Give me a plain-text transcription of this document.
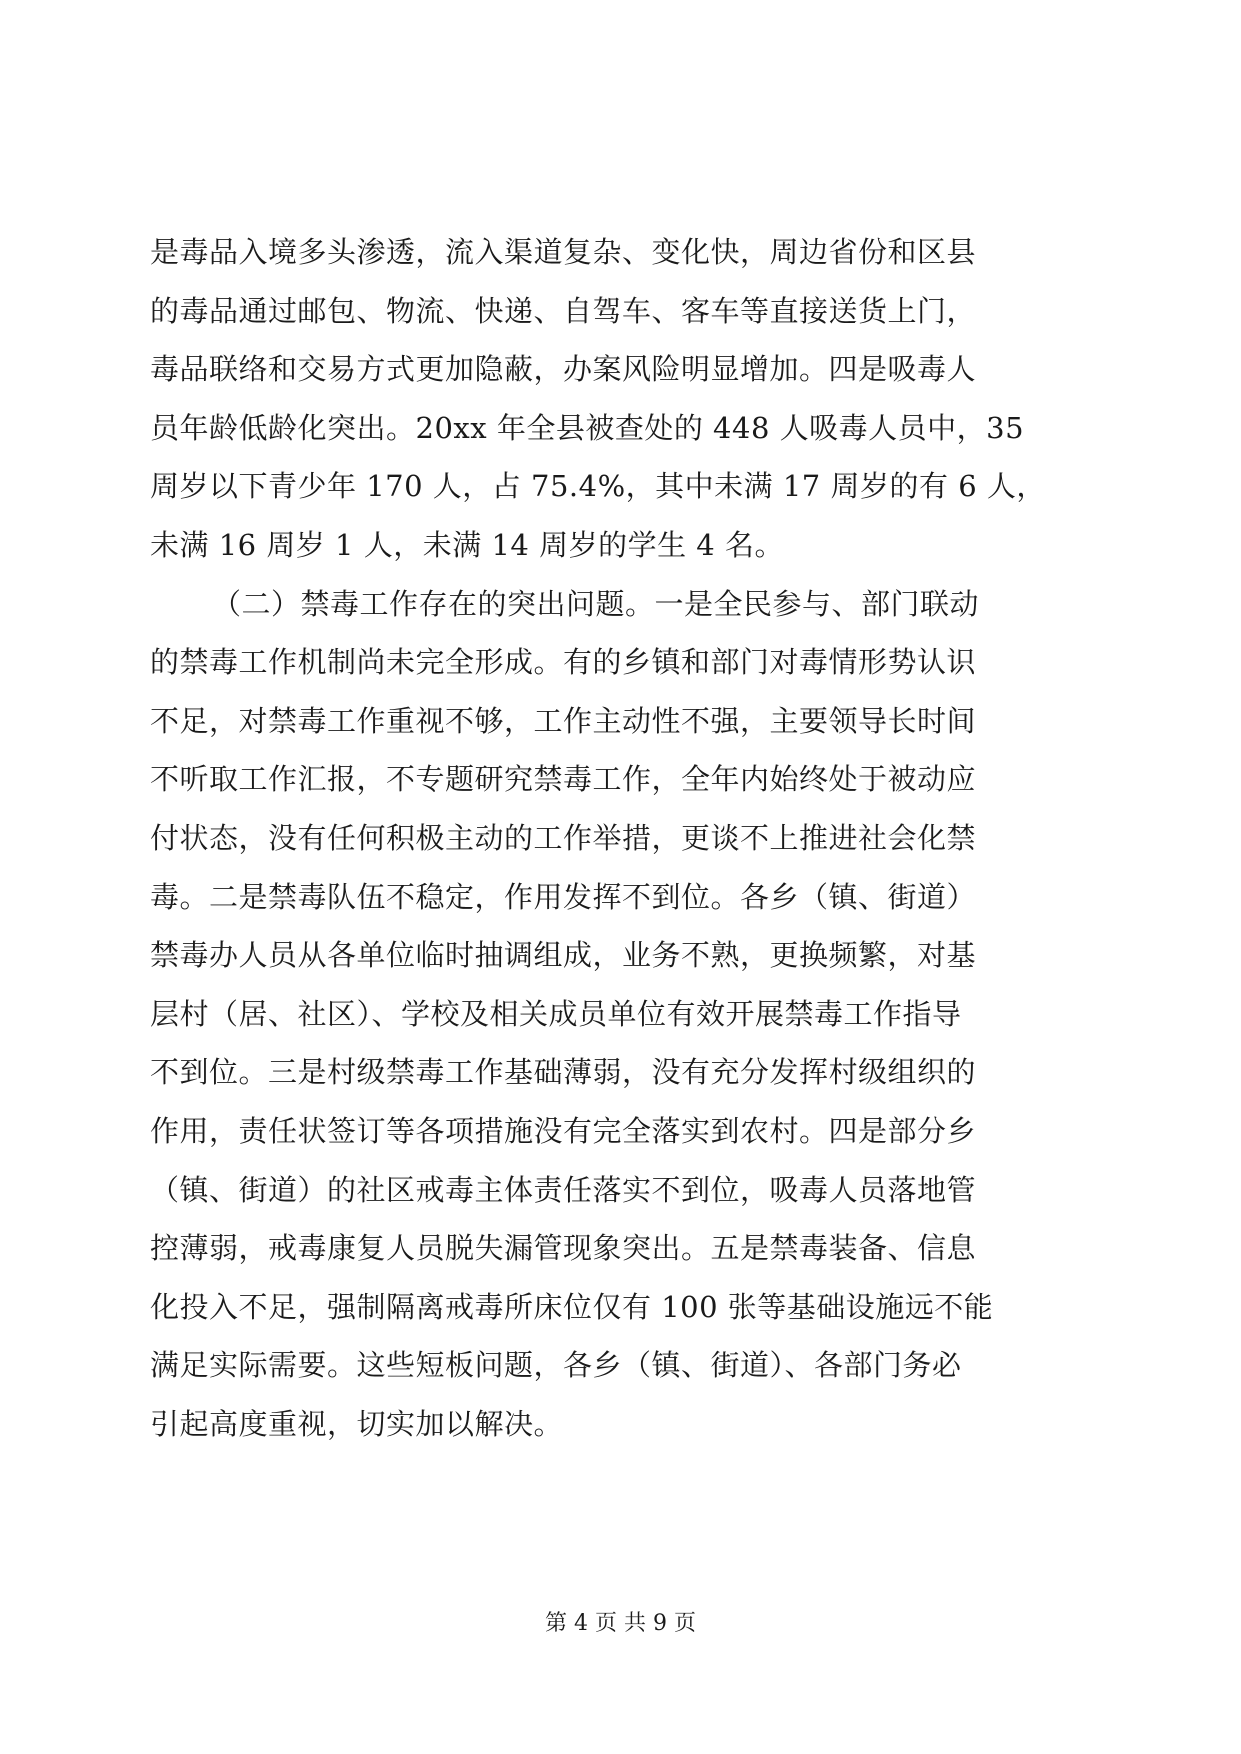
是毒品入境多头渗透，流入渠道复杂、变化快，周边省份和区县
的毒品通过邮包、物流、快递、自驾车、客车等直接送货上门，
毒品联络和交易方式更加隐蔽，办案风险明显增加。四是吸毒人
员年龄低龄化突出。20xx 年全县被查处的 448 人吸毒人员中，35
周岁以下青少年 170 人，占 75.4%，其中未满 17 周岁的有 6 人，
未满 16 周岁 1 人，未满 14 周岁的学生 4 名。
（二）禁毒工作存在的突出问题。一是全民参与、部门联动
的禁毒工作机制尚未完全形成。有的乡镇和部门对毒情形势认识
不足，对禁毒工作重视不够，工作主动性不强，主要领导长时间
不听取工作汇报，不专题研究禁毒工作，全年内始终处于被动应
付状态，没有任何积极主动的工作举措，更谈不上推进社会化禁
毒。二是禁毒队伍不稳定，作用发挥不到位。各乡（镇、街道）
禁毒办人员从各单位临时抽调组成，业务不熟，更换频繁，对基
层村（居、社区）、学校及相关成员单位有效开展禁毒工作指导
不到位。三是村级禁毒工作基础薄弱，没有充分发挥村级组织的
作用，责任状签订等各项措施没有完全落实到农村。四是部分乡
（镇、街道）的社区戒毒主体责任落实不到位，吸毒人员落地管
控薄弱，戒毒康复人员脱失漏管现象突出。五是禁毒装备、信息
化投入不足，强制隔离戒毒所床位仅有 100 张等基础设施远不能
满足实际需要。这些短板问题，各乡（镇、街道）、各部门务必
引起高度重视，切实加以解决。
第 4 页 共 9 页
